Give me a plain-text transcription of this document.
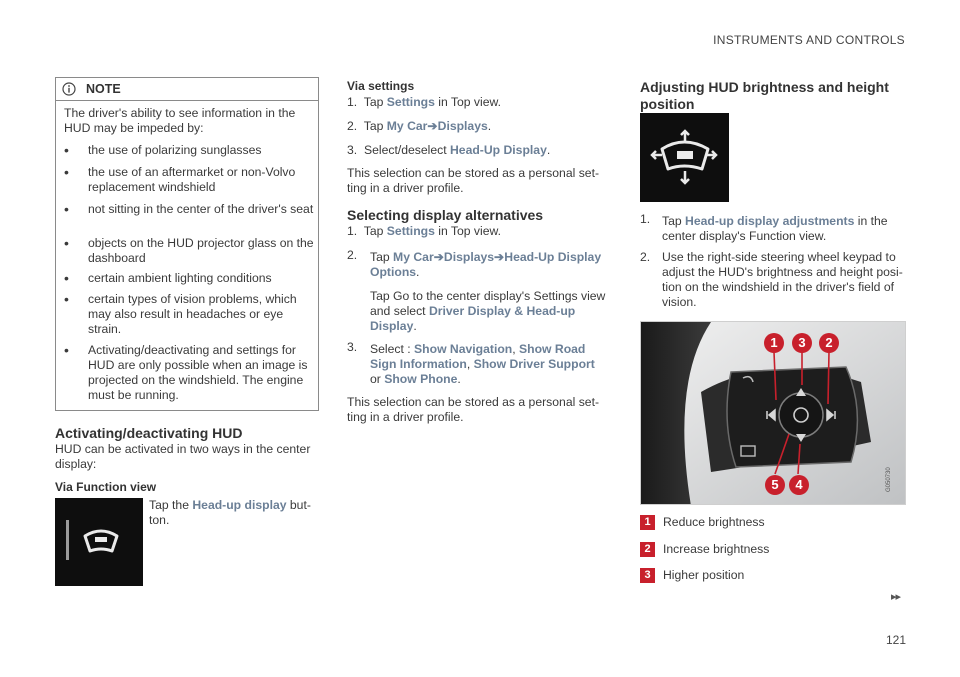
INSTRUMENTS AND CONTROLS
NOTE
The driver's ability to see information in the HUD may be impeded by:
• the use of polarizing sunglasses
• the use of an aftermarket or non-Volvo replacement windshield
• not sitting in the center of the driver's seat
• objects on the HUD projector glass on the dashboard
• certain ambient lighting conditions
• certain types of vision problems, which may also result in headaches or eye strain.
• Activating/deactivating and settings for HUD are only possible when an image is projected on the windshield. The engine must be running.
Activating/deactivating HUD
HUD can be activated in two ways in the center display:
Via Function view
Tap the Head-up display but-ton.
Via settings
1. Tap Settings in Top view.
2. Tap My Car➔Displays.
3. Select/deselect Head-Up Display.
This selection can be stored as a personal set-ting in a driver profile.
Selecting display alternatives
1. Tap Settings in Top view.
2. Tap My Car➔Displays➔Head-Up Display Options.
Tap Go to the center display's Settings view and select Driver Display & Head-up Display.
3. Select : Show Navigation, Show Road Sign Information, Show Driver Support or Show Phone.
This selection can be stored as a personal set-ting in a driver profile.
Adjusting HUD brightness and height position
1. Tap Head-up display adjustments in the center display's Function view.
2. Use the right-side steering wheel keypad to adjust the HUD's brightness and height posi-tion on the windshield in the driver's field of vision.
G050730
1	3	2
5	4
1	Reduce brightness
2	Increase brightness
3	Higher position
▸▸
121
